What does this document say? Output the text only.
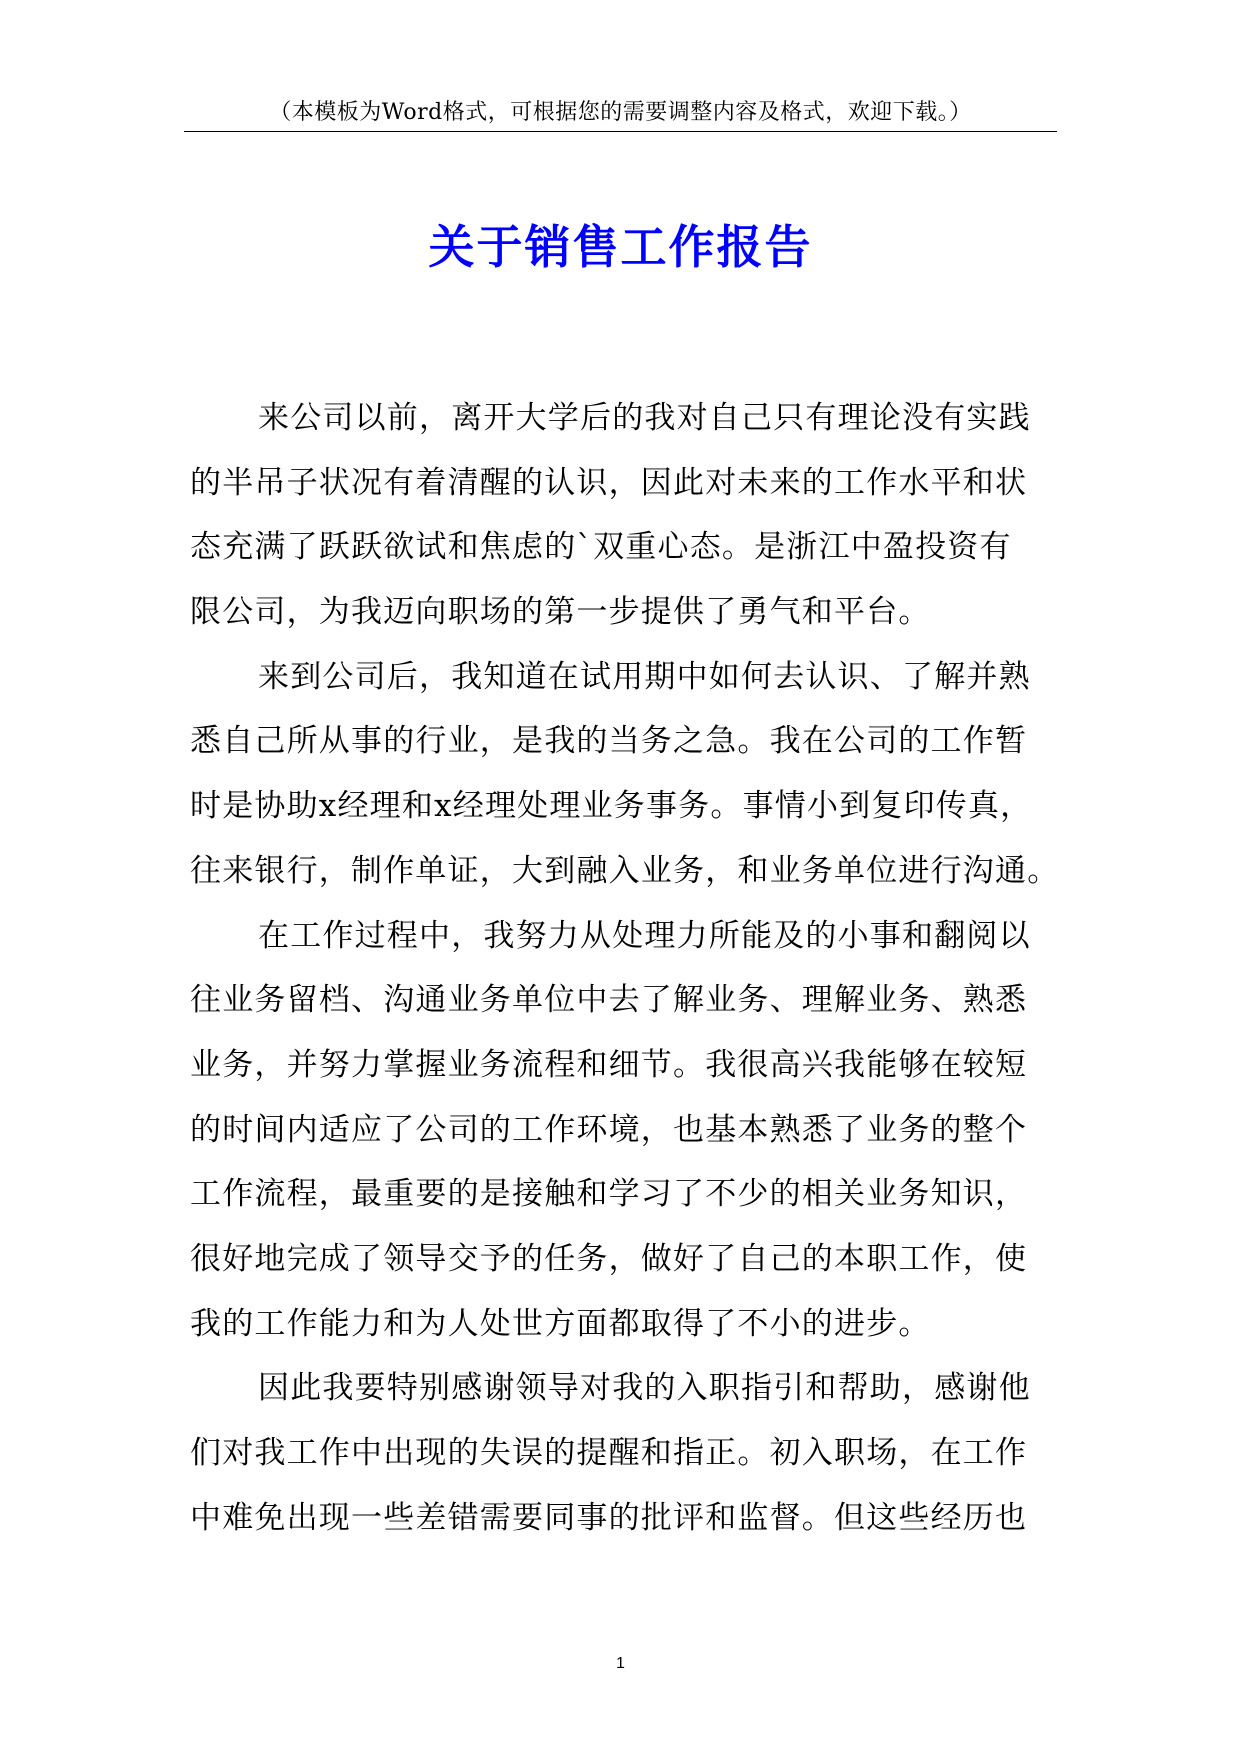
（本模板为Word格式，可根据您的需要调整内容及格式，欢迎下载。）
关于销售工作报告
来公司以前，离开大学后的我对自己只有理论没有实践
的半吊子状况有着清醒的认识，因此对未来的工作水平和状
态充满了跃跃欲试和焦虑的`双重心态。是浙江中盈投资有
限公司，为我迈向职场的第一步提供了勇气和平台。
来到公司后，我知道在试用期中如何去认识、了解并熟
悉自己所从事的行业，是我的当务之急。我在公司的工作暂
时是协助x经理和x经理处理业务事务。事情小到复印传真，
往来银行，制作单证，大到融入业务，和业务单位进行沟通。
在工作过程中，我努力从处理力所能及的小事和翻阅以
往业务留档、沟通业务单位中去了解业务、理解业务、熟悉
业务，并努力掌握业务流程和细节。我很高兴我能够在较短
的时间内适应了公司的工作环境，也基本熟悉了业务的整个
工作流程，最重要的是接触和学习了不少的相关业务知识，
很好地完成了领导交予的任务，做好了自己的本职工作，使
我的工作能力和为人处世方面都取得了不小的进步。
因此我要特别感谢领导对我的入职指引和帮助，感谢他
们对我工作中出现的失误的提醒和指正。初入职场，在工作
中难免出现一些差错需要同事的批评和监督。但这些经历也
1
